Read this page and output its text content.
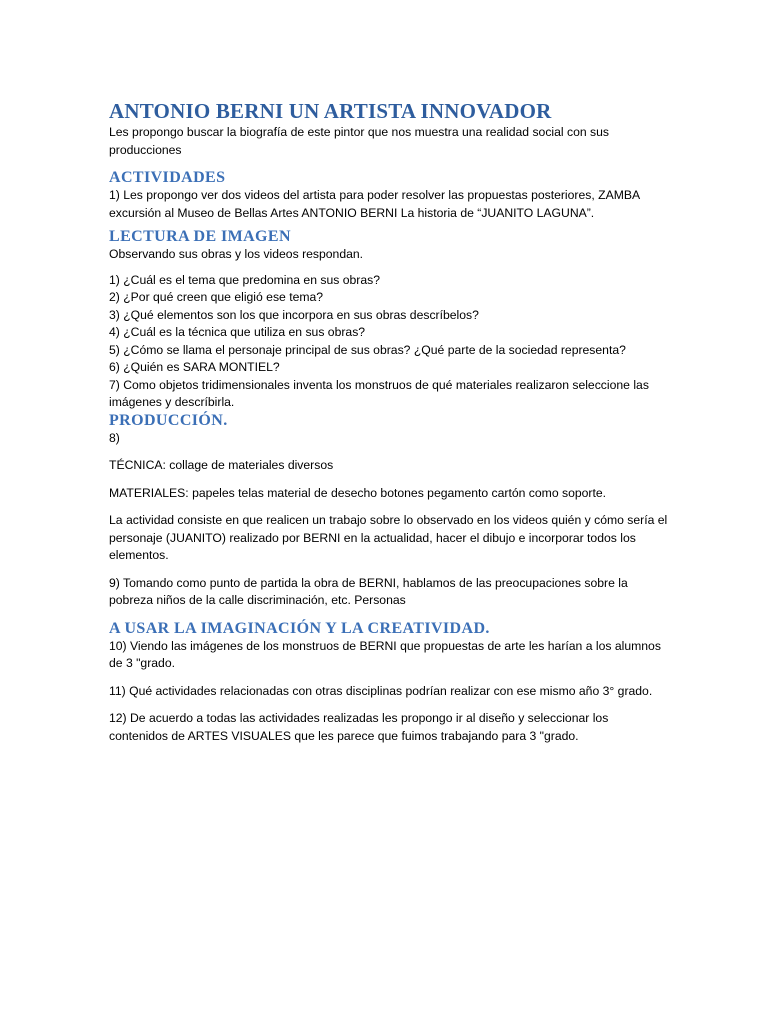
ANTONIO BERNI UN ARTISTA INNOVADOR

Les propongo buscar la biografía de este pintor que nos muestra una realidad social con sus producciones

ACTIVIDADES

1) Les propongo ver dos videos del artista para poder resolver las propuestas posteriores, ZAMBA excursión al Museo de Bellas Artes ANTONIO BERNI La historia de “JUANITO LAGUNA”.

LECTURA DE IMAGEN

Observando sus obras y los videos respondan.

1) ¿Cuál es el tema que predomina en sus obras?

2) ¿Por qué creen que eligió ese tema?

3) ¿Qué elementos son los que incorpora en sus obras descríbelos?

4) ¿Cuál es la técnica que utiliza en sus obras?

5) ¿Cómo se llama el personaje principal de sus obras? ¿Qué parte de la sociedad representa?

6) ¿Quién es SARA MONTIEL?

7) Como objetos tridimensionales inventa los monstruos de qué materiales realizaron seleccione las imágenes y descríbirla.

PRODUCCIÓN.

8)

TÉCNICA: collage de materiales diversos

MATERIALES: papeles telas material de desecho botones pegamento cartón como soporte.

La actividad consiste en que realicen un trabajo sobre lo observado en los videos quién y cómo sería el personaje (JUANITO) realizado por BERNI en la actualidad, hacer el dibujo e incorporar todos los elementos.

9) Tomando como punto de partida la obra de BERNI, hablamos de las preocupaciones sobre la pobreza niños de la calle discriminación, etc. Personas

A USAR LA IMAGINACIÓN Y LA CREATIVIDAD.

10) Viendo las imágenes de los monstruos de BERNI que propuestas de arte les harían a los alumnos de 3 "grado.

11) Qué actividades relacionadas con otras disciplinas podrían realizar con ese mismo año 3° grado.

12) De acuerdo a todas las actividades realizadas les propongo ir al diseño y seleccionar los contenidos de ARTES VISUALES que les parece que fuimos trabajando para 3 "grado.
